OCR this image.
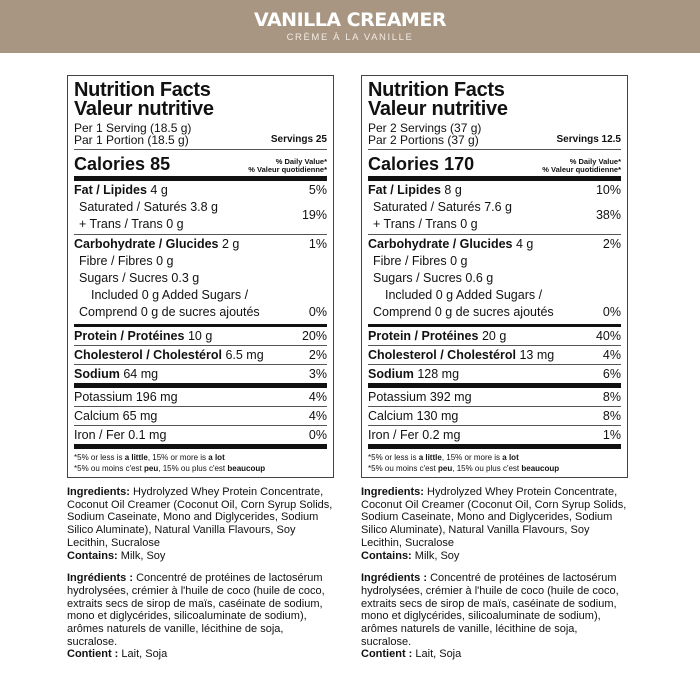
VANILLA CREAMER
CRÈME À LA VANILLE
Nutrition Facts
Valeur nutritive
Per 1 Serving (18.5 g)
Par 1 Portion (18.5 g)	Servings 25
Calories 85	% Daily Value*
% Valeur quotidienne*
Fat / Lipides 4 g	5%
Saturated / Saturés 3.8 g
+ Trans / Trans 0 g
19%
Carbohydrate / Glucides 2 g	1%
Fibre / Fibres 0 g
Sugars / Sucres 0.3 g
Included 0 g Added Sugars /
Comprend 0 g de sucres ajoutés	0%
Protein / Protéines 10 g	20%
Cholesterol / Cholestérol 6.5 mg	2%
Sodium 64 mg	3%
Potassium 196 mg	4%
Calcium 65 mg	4%
Iron / Fer 0.1 mg	0%
*5% or less is a little, 15% or more is a lot
*5% ou moins c'est peu, 15% ou plus c'est beaucoup
Ingredients: Hydrolyzed Whey Protein Concentrate, Coconut Oil Creamer (Coconut Oil, Corn Syrup Solids, Sodium Caseinate, Mono and Diglycerides, Sodium Silico Aluminate), Natural Vanilla Flavours, Soy Lecithin, Sucralose
Contains: Milk, Soy
Ingrédients : Concentré de protéines de lactosérum hydrolysées, crémier à l'huile de coco (huile de coco, extraits secs de sirop de maïs, caséinate de sodium, mono et diglycérides, silicoaluminate de sodium), arômes naturels de vanille, lécithine de soja, sucralose.
Contient : Lait, Soja
Nutrition Facts
Valeur nutritive
Per 2 Servings (37 g)
Par 2 Portions (37 g)	Servings 12.5
Calories 170	% Daily Value*
% Valeur quotidienne*
Fat / Lipides 8 g	10%
Saturated / Saturés 7.6 g
+ Trans / Trans 0 g
38%
Carbohydrate / Glucides 4 g	2%
Fibre / Fibres 0 g
Sugars / Sucres 0.6 g
Included 0 g Added Sugars /
Comprend 0 g de sucres ajoutés	0%
Protein / Protéines 20 g	40%
Cholesterol / Cholestérol 13 mg	4%
Sodium 128 mg	6%
Potassium 392 mg	8%
Calcium 130 mg	8%
Iron / Fer 0.2 mg	1%
*5% or less is a little, 15% or more is a lot
*5% ou moins c'est peu, 15% ou plus c'est beaucoup
Ingredients: Hydrolyzed Whey Protein Concentrate, Coconut Oil Creamer (Coconut Oil, Corn Syrup Solids, Sodium Caseinate, Mono and Diglycerides, Sodium Silico Aluminate), Natural Vanilla Flavours, Soy Lecithin, Sucralose
Contains: Milk, Soy
Ingrédients : Concentré de protéines de lactosérum hydrolysées, crémier à l'huile de coco (huile de coco, extraits secs de sirop de maïs, caséinate de sodium, mono et diglycérides, silicoaluminate de sodium), arômes naturels de vanille, lécithine de soja, sucralose.
Contient : Lait, Soja
